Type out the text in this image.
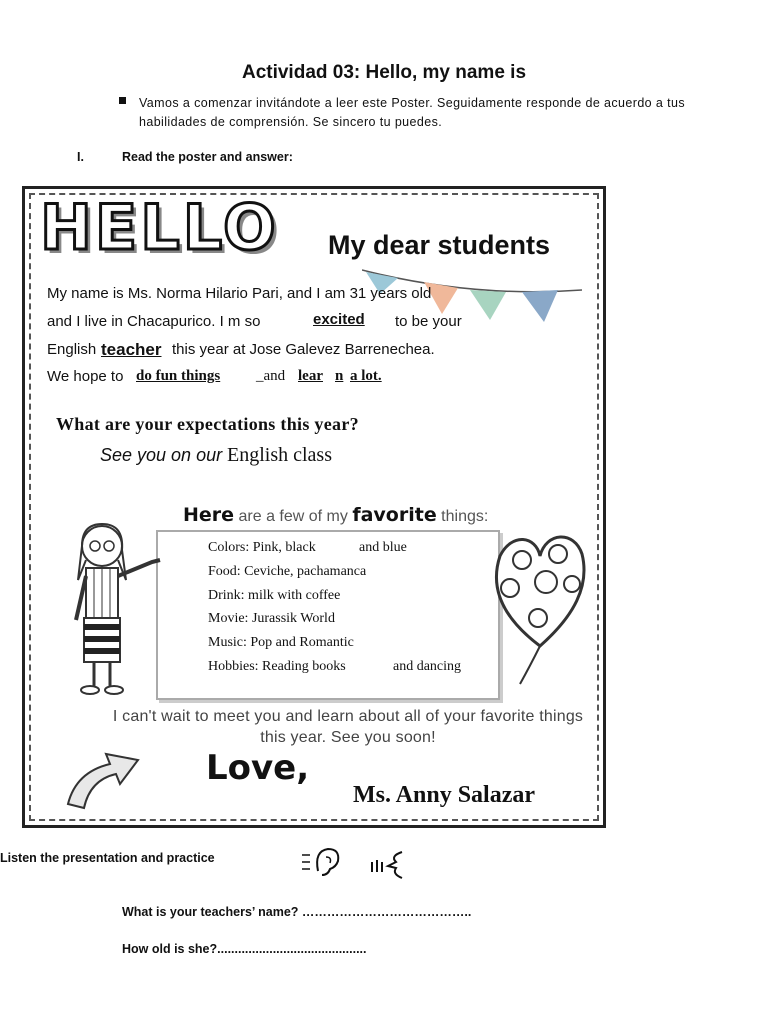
Actividad 03: Hello, my name is
Vamos a comenzar invitándote a leer este Poster. Seguidamente responde de acuerdo a tus habilidades de comprensión. Se sincero tu puedes.
I.	Read the poster and answer:
HELLO My dear students
My name is Ms. Norma Hilario Pari, and I am 31 years old
and I live in Chacapurico. I m so	excited to be your
English teacher this year at Jose Galevez Barrenechea.
We hope to do fun things _and lear n a lot.
What are your expectations this year?
See you on our English class
Here are a few of my favorite things:
Colors: Pink, black	and blue
Food: Ceviche, pachamanca
Drink: milk with coffee
Movie: Jurassik World
Music: Pop and Romantic
Hobbies: Reading books	and dancing
I can't wait to meet you and learn about all of your favorite things this year. See you soon!
Love,
Ms. Anny Salazar
Listen the presentation and practice
What is your teachers’ name? …………………………………..
How old is she?...........................................
